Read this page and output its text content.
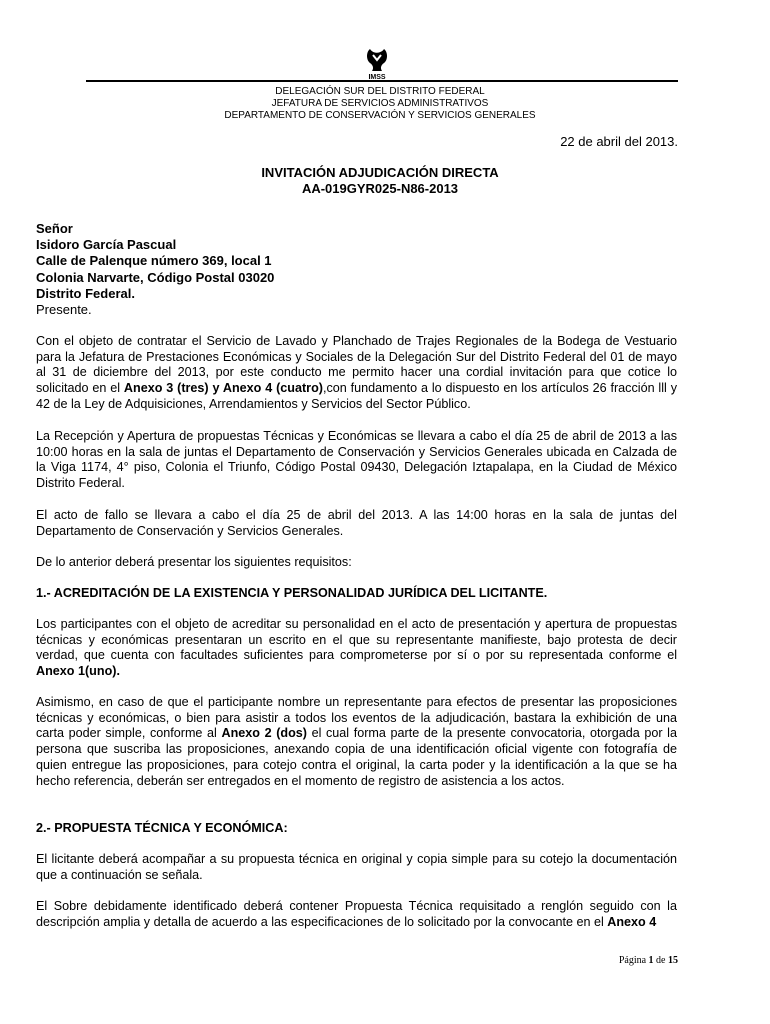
IMSS
DELEGACIÓN SUR DEL DISTRITO FEDERAL
JEFATURA DE SERVICIOS ADMINISTRATIVOS
DEPARTAMENTO DE CONSERVACIÓN Y SERVICIOS GENERALES
22 de abril del 2013.
INVITACIÓN ADJUDICACIÓN DIRECTA
AA-019GYR025-N86-2013
Señor
Isidoro García Pascual
Calle de Palenque número 369, local 1
Colonia Narvarte, Código Postal 03020
Distrito Federal.
Presente.
Con el objeto de contratar el Servicio de Lavado y Planchado de Trajes Regionales de la Bodega de Vestuario para la Jefatura de Prestaciones Económicas y Sociales de la Delegación Sur del Distrito Federal del 01 de mayo al 31 de diciembre del 2013, por este conducto me permito hacer una cordial invitación para que cotice lo solicitado en el Anexo 3 (tres) y Anexo 4 (cuatro),con fundamento a lo dispuesto en los artículos 26 fracción lll y 42 de la Ley de Adquisiciones, Arrendamientos y Servicios del Sector Público.
La Recepción y Apertura de propuestas Técnicas y Económicas se llevara a cabo el día 25 de abril de 2013 a las 10:00 horas en la sala de juntas el Departamento de Conservación y Servicios Generales ubicada en Calzada de la Viga 1174, 4° piso, Colonia el Triunfo, Código Postal 09430, Delegación Iztapalapa, en la Ciudad de México Distrito Federal.
El acto de fallo se llevara a cabo el día 25 de abril del 2013. A las 14:00 horas en la sala de juntas del Departamento de Conservación y Servicios Generales.
De lo anterior deberá presentar los siguientes requisitos:
1.- ACREDITACIÓN DE LA EXISTENCIA Y PERSONALIDAD JURÍDICA DEL LICITANTE.
Los participantes con el objeto de acreditar su personalidad en el acto de presentación y apertura de propuestas técnicas y económicas presentaran un escrito en el que su representante manifieste, bajo protesta de decir verdad, que cuenta con facultades suficientes para comprometerse por sí o por su representada conforme el Anexo 1(uno).
Asimismo, en caso de que el participante nombre un representante para efectos de presentar las proposiciones técnicas y económicas, o bien para asistir a todos los eventos de la adjudicación, bastara la exhibición de una carta poder simple, conforme al Anexo 2 (dos) el cual forma parte de la presente convocatoria, otorgada por la persona que suscriba las proposiciones, anexando copia de una identificación oficial vigente con fotografía de quien entregue las proposiciones, para cotejo contra el original, la carta poder y la identificación a la que se ha hecho referencia, deberán ser entregados en el momento de registro de asistencia a los actos.
2.- PROPUESTA TÉCNICA Y ECONÓMICA:
El licitante deberá acompañar a su propuesta técnica en original y copia simple para su cotejo la documentación que a continuación se señala.
El Sobre debidamente identificado deberá contener Propuesta Técnica requisitado a renglón seguido con la descripción amplia y detalla de acuerdo a las especificaciones de lo solicitado por la convocante en el Anexo 4
Página 1 de 15
